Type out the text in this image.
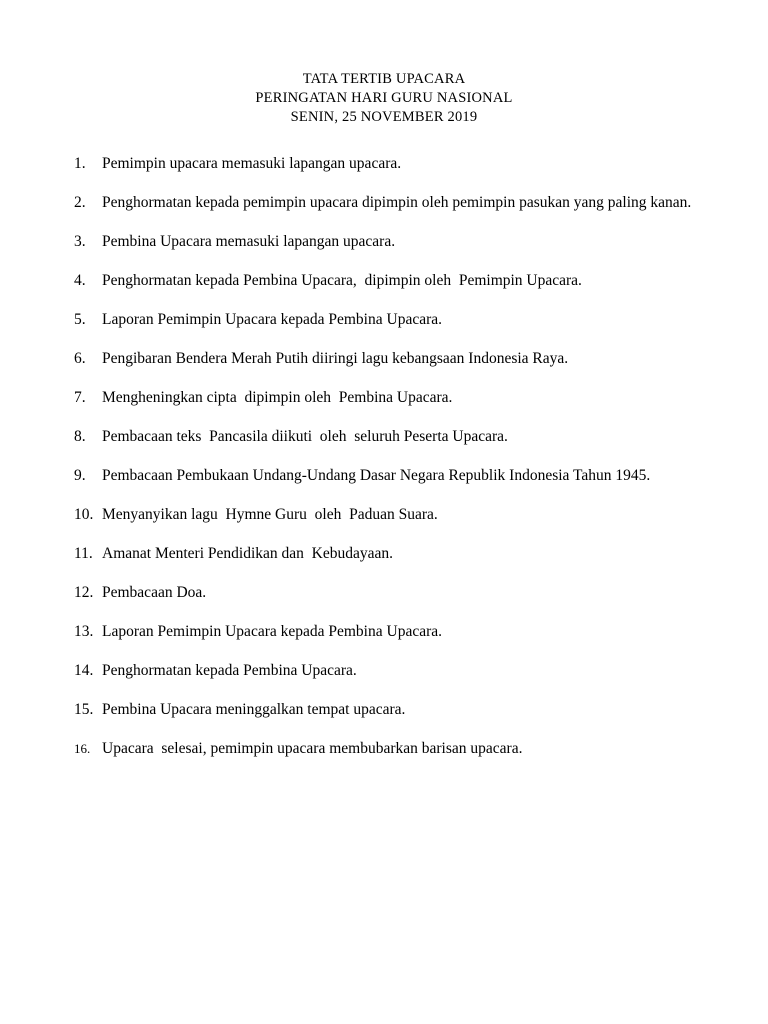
TATA TERTIB UPACARA
PERINGATAN HARI GURU NASIONAL
SENIN, 25 NOVEMBER 2019
1.	Pemimpin upacara memasuki lapangan upacara.
2.	Penghormatan kepada pemimpin upacara dipimpin oleh pemimpin pasukan yang paling kanan.
3.	Pembina Upacara memasuki lapangan upacara.
4.	Penghormatan kepada Pembina Upacara,  dipimpin oleh  Pemimpin Upacara.
5.	Laporan Pemimpin Upacara kepada Pembina Upacara.
6.	Pengibaran Bendera Merah Putih diiringi lagu kebangsaan Indonesia Raya.
7.	Mengheningkan cipta  dipimpin oleh  Pembina Upacara.
8.	Pembacaan teks  Pancasila diikuti  oleh  seluruh Peserta Upacara.
9.	Pembacaan Pembukaan Undang-Undang Dasar Negara Republik Indonesia Tahun 1945.
10. Menyanyikan lagu  Hymne Guru  oleh  Paduan Suara.
11. Amanat Menteri Pendidikan dan  Kebudayaan.
12. Pembacaan Doa.
13. Laporan Pemimpin Upacara kepada Pembina Upacara.
14. Penghormatan kepada Pembina Upacara.
15. Pembina Upacara meninggalkan tempat upacara.
16. Upacara  selesai, pemimpin upacara membubarkan barisan upacara.
